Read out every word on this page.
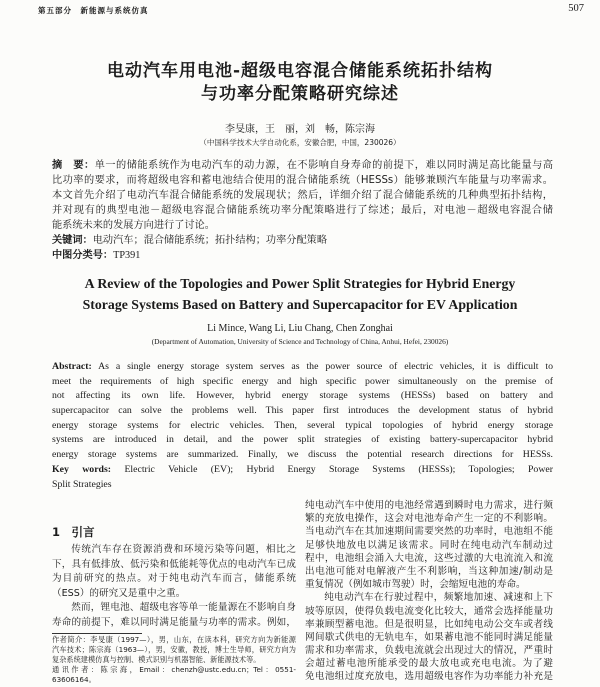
第五部分　新能源与系统仿真	507
电动汽车用电池-超级电容混合储能系统拓扑结构
与功率分配策略研究综述
李旻康，王　丽，刘　畅，陈宗海
（中国科学技术大学自动化系，安徽合肥，中国，230026）
摘　要：单一的储能系统作为电动汽车的动力源，在不影响自身寿命的前提下，难以同时满足高比能量与高
比功率的要求，而将超级电容和蓄电池结合使用的混合储能系统（HESSs）能够兼顾汽车能量与功率需求。
本文首先介绍了电动汽车混合储能系统的发展现状；然后，详细介绍了混合储能系统的几种典型拓扑结构，
并对现有的典型电池－超级电容混合储能系统功率分配策略进行了综述；最后，对电池－超级电容混合储
能系统未来的发展方向进行了讨论。
关键词：电动汽车；混合储能系统；拓扑结构；功率分配策略
中图分类号：TP391
A Review of the Topologies and Power Split Strategies for Hybrid Energy
Storage Systems Based on Battery and Supercapacitor for EV Application
Li Mince, Wang Li, Liu Chang, Chen Zonghai
(Department of Automation, University of Science and Technology of China, Anhui, Hefei, 230026)
Abstract: As a single energy storage system serves as the power source of electric vehicles, it is difficult to
meet the requirements of high specific energy and high specific power simultaneously on the premise of
not affecting its own life. However, hybrid energy storage systems (HESSs) based on battery and
supercapacitor can solve the problems well. This paper first introduces the development status of hybrid
energy storage systems for electric vehicles. Then, several typical topologies of hybrid energy storage
systems are introduced in detail, and the power split strategies of existing battery-supercapacitor hybrid
energy storage systems are summarized. Finally, we discuss the potential research directions for HESSs.
Key words: Electric Vehicle (EV); Hybrid Energy Storage Systems (HESSs); Topologies; Power
Split Strategies
1　引言
传统汽车存在资源消费和环境污染等问题，相比之
下，具有低排放、低污染和低能耗等优点的电动汽车已成
为目前研究的热点。对于纯电动汽车而言，储能系统
（ESS）的研究又是重中之重。
然而，锂电池、超级电容等单一能量源在不影响自身
寿命的前提下，难以同时满足能量与功率的需求。例如，
作者简介：李旻康（1997—），男，山东，在读本科，研究方向为新能源
汽车技术；陈宗海（1963—），男，安徽，教授，博士生导师，研究方向为
复杂系统建模仿真与控制、模式识别与机器智能、新能源技术等。
通讯作者：陈宗海，Email：chenzh@ustc.edu.cn；Tel：0551-
63606164。
纯电动汽车中使用的电池经常遇到瞬时电力需求，进行频
繁的充放电操作，这会对电池寿命产生一定的不利影响。
当电动汽车在其加速期间需要突然的功率时，电池组不能
足够快地放电以满足该需求。同时在纯电动汽车制动过
程中，电池组会涌入大电流，这些过激的大电流流入和流
出电池可能对电解液产生不利影响，当这种加速/制动是
重复情况（例如城市驾驶）时，会缩短电池的寿命。
纯电动汽车在行驶过程中，频繁地加速、减速和上下
坡等原因，使得负载电流变化比较大，通常会选择能量功
率兼顾型蓄电池。但是很明显，比如纯电动公交车或者线
网间歇式供电的无轨电车，如果蓄电池不能同时满足能量
需求和功率需求，负载电流就会出现过大的情况，严重时
会超过蓄电池所能承受的最大放电或充电电流。为了避
免电池组过度充放电，选用超级电容作为功率能力补充是
